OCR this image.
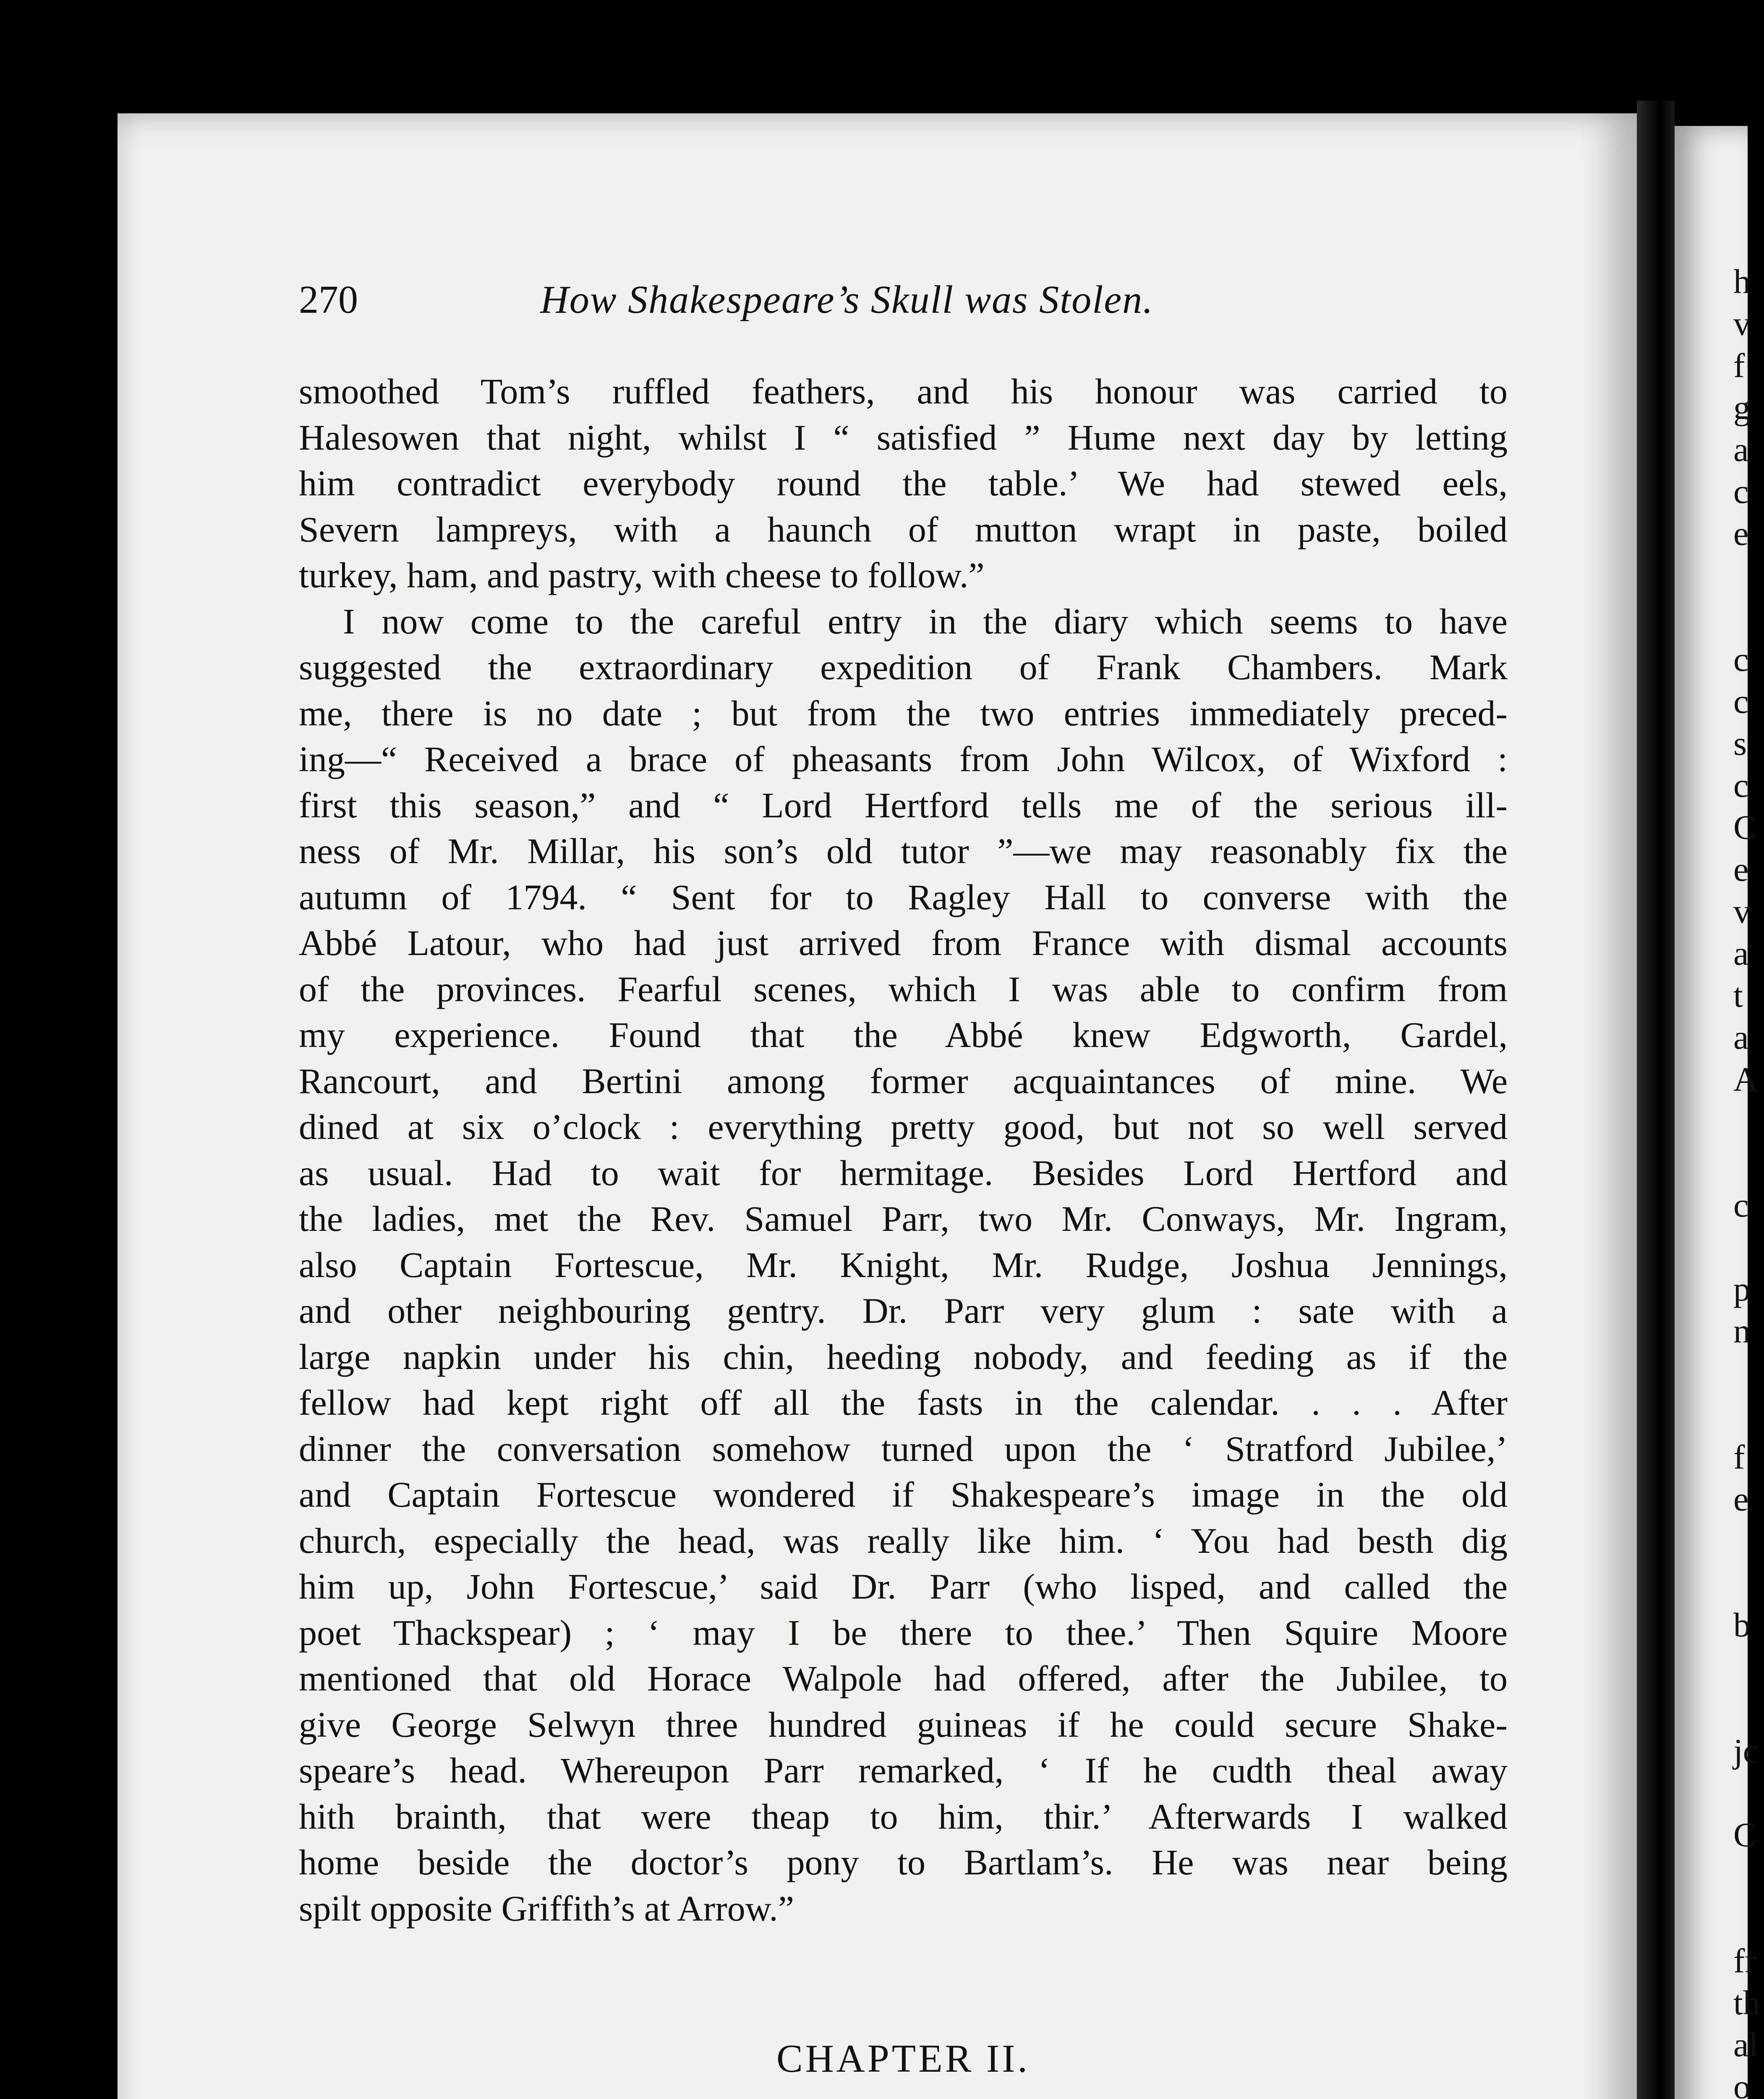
h
v
f
g
a
c
e
c
c
s
c
C
e
v
a
t
a
A
c
p
n
f
e
b
jc
C
fr
th
al
o
270	How Shakespeare’s Skull was Stolen.
smoothed Tom’s ruffled feathers, and his honour was carried to
Halesowen that night, whilst I “ satisfied ” Hume next day by letting
him contradict everybody round the table.’ We had stewed eels,
Severn lampreys, with a haunch of mutton wrapt in paste, boiled
turkey, ham, and pastry, with cheese to follow.”
I now come to the careful entry in the diary which seems to have
suggested the extraordinary expedition of Frank Chambers. Mark
me, there is no date ; but from the two entries immediately preced-
ing—“ Received a brace of pheasants from John Wilcox, of Wixford :
first this season,” and “ Lord Hertford tells me of the serious ill-
ness of Mr. Millar, his son’s old tutor ”—we may reasonably fix the
autumn of 1794. “ Sent for to Ragley Hall to converse with the
Abbé Latour, who had just arrived from France with dismal accounts
of the provinces. Fearful scenes, which I was able to confirm from
my experience. Found that the Abbé knew Edgworth, Gardel,
Rancourt, and Bertini among former acquaintances of mine. We
dined at six o’clock : everything pretty good, but not so well served
as usual. Had to wait for hermitage. Besides Lord Hertford and
the ladies, met the Rev. Samuel Parr, two Mr. Conways, Mr. Ingram,
also Captain Fortescue, Mr. Knight, Mr. Rudge, Joshua Jennings,
and other neighbouring gentry. Dr. Parr very glum : sate with a
large napkin under his chin, heeding nobody, and feeding as if the
fellow had kept right off all the fasts in the calendar. . . . After
dinner the conversation somehow turned upon the ‘ Stratford Jubilee,’
and Captain Fortescue wondered if Shakespeare’s image in the old
church, especially the head, was really like him. ‘ You had besth dig
him up, John Fortescue,’ said Dr. Parr (who lisped, and called the
poet Thackspear) ; ‘ may I be there to thee.’ Then Squire Moore
mentioned that old Horace Walpole had offered, after the Jubilee, to
give George Selwyn three hundred guineas if he could secure Shake-
speare’s head. Whereupon Parr remarked, ‘ If he cudth theal away
hith brainth, that were theap to him, thir.’ Afterwards I walked
home beside the doctor’s pony to Bartlam’s. He was near being
spilt opposite Griffith’s at Arrow.”
CHAPTER II.
